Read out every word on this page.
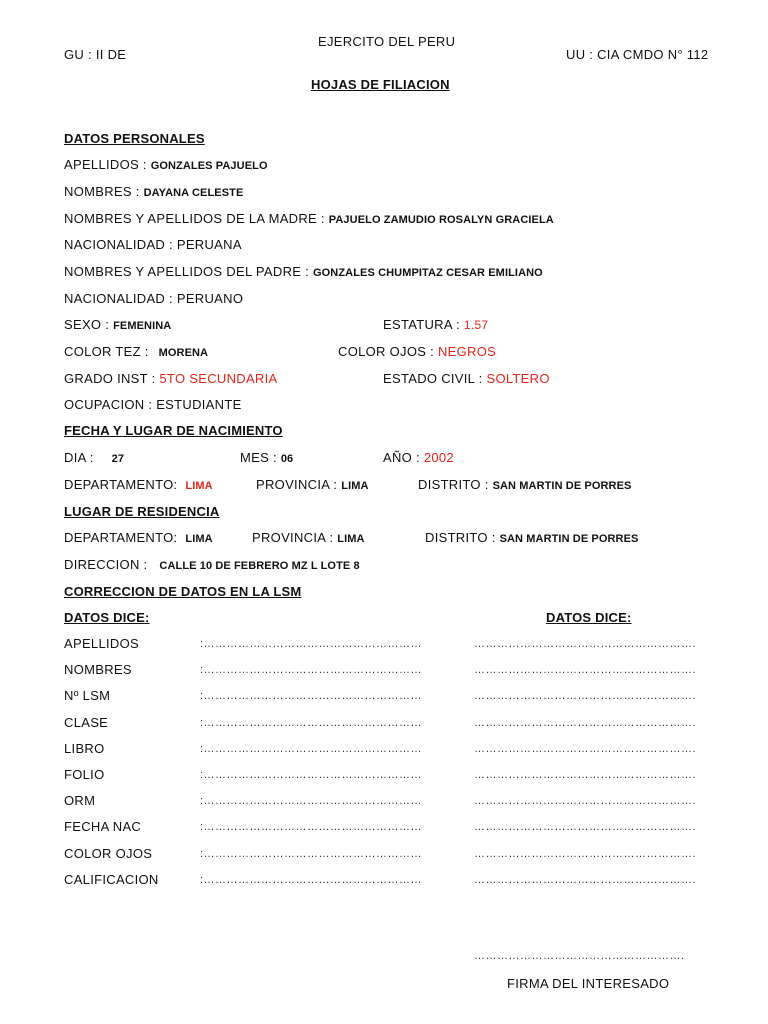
EJERCITO DEL PERU
GU : II DE	UU : CIA CMDO N° 112
HOJAS DE FILIACION
DATOS PERSONALES
APELLIDOS : GONZALES PAJUELO
NOMBRES : DAYANA CELESTE
NOMBRES Y APELLIDOS DE LA MADRE : PAJUELO ZAMUDIO ROSALYN GRACIELA
NACIONALIDAD : PERUANA
NOMBRES Y APELLIDOS DEL PADRE : GONZALES CHUMPITAZ CESAR EMILIANO
NACIONALIDAD : PERUANO
SEXO : FEMENINA	ESTATURA : 1.57
COLOR TEZ : MORENA	COLOR OJOS : NEGROS
GRADO INST : 5TO SECUNDARIA	ESTADO CIVIL : SOLTERO
OCUPACION : ESTUDIANTE
FECHA Y LUGAR DE NACIMIENTO
DIA : 27	MES : 06	AÑO : 2002
DEPARTAMENTO: LIMA	PROVINCIA : LIMA	DISTRITO : SAN MARTIN DE PORRES
LUGAR DE RESIDENCIA
DEPARTAMENTO: LIMA	PROVINCIA : LIMA	DISTRITO : SAN MARTIN DE PORRES
DIRECCION : CALLE 10 DE FEBRERO MZ L LOTE 8
CORRECCION DE DATOS EN LA LSM
DATOS DICE:	DATOS DICE:
APELLIDOS	:…………………………………………………	………………………………………………….
NOMBRES	:…………………………………………………	………………………………………………….
Nº LSM	:…………………………………………………	………………………………………………….
CLASE	:…………………………………………………	………………………………………………….
LIBRO	:…………………………………………………	………………………………………………….
FOLIO	:…………………………………………………	………………………………………………….
ORM	:…………………………………………………	………………………………………………….
FECHA NAC	:…………………………………………………	………………………………………………….
COLOR OJOS	:…………………………………………………	………………………………………………….
CALIFICACION	:…………………………………………………	………………………………………………….
……………………………………………….
FIRMA DEL INTERESADO
